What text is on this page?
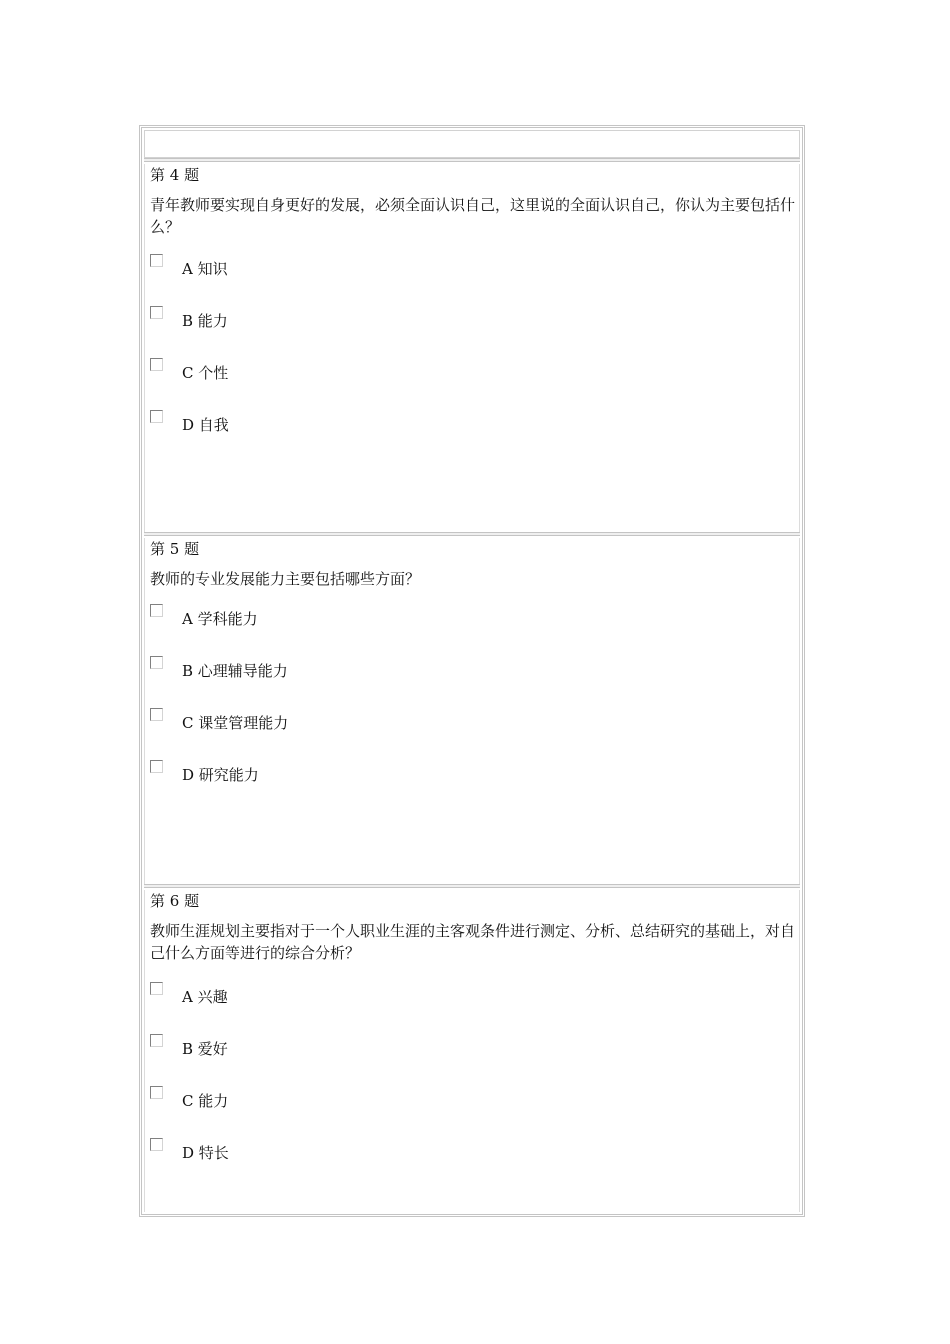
第 4 题
青年教师要实现自身更好的发展，必须全面认识自己，这里说的全面认识自己，你认为主要包括什么？
A 知识
B 能力
C 个性
D 自我
第 5 题
教师的专业发展能力主要包括哪些方面？
A 学科能力
B 心理辅导能力
C 课堂管理能力
D 研究能力
第 6 题
教师生涯规划主要指对于一个人职业生涯的主客观条件进行测定、分析、总结研究的基础上，对自己什么方面等进行的综合分析？
A 兴趣
B 爱好
C 能力
D 特长
